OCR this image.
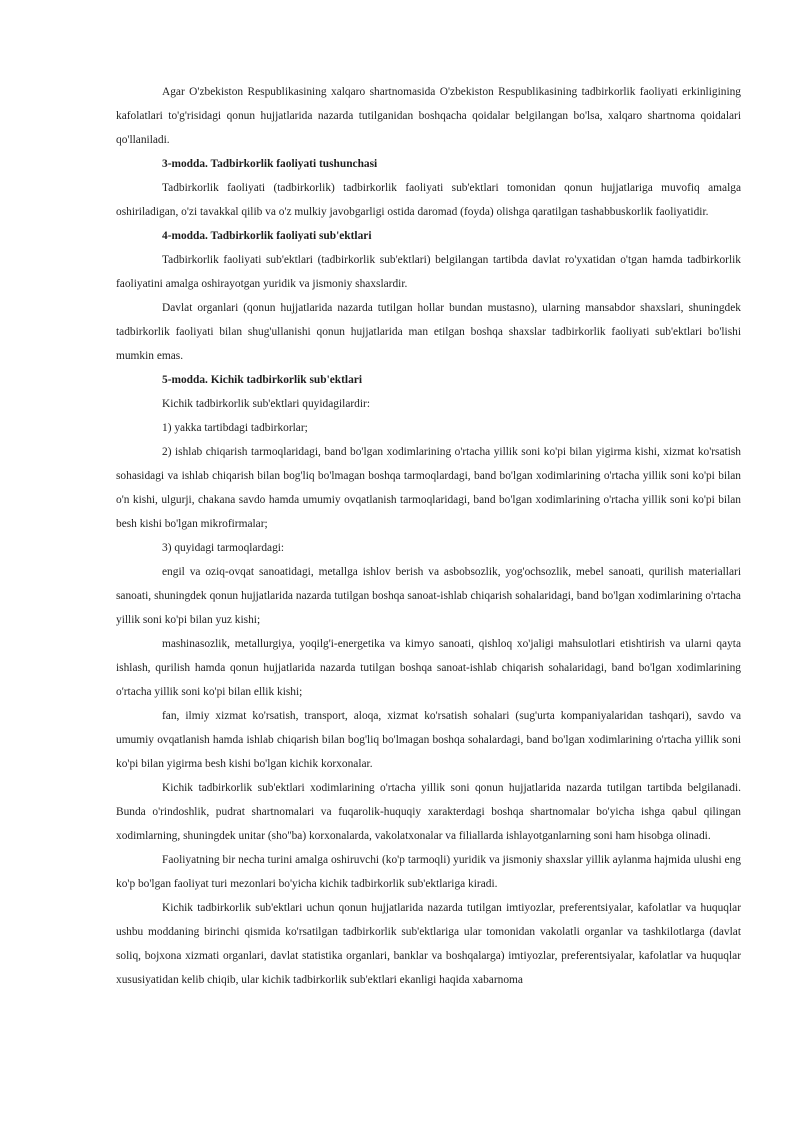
Agar O'zbekiston Respublikasining xalqaro shartnomasida O'zbekiston Respublikasining tadbirkorlik faoliyati erkinligining kafolatlari to'g'risidagi qonun hujjatlarida nazarda tutilganidan boshqacha qoidalar belgilangan bo'lsa, xalqaro shartnoma qoidalari qo'llaniladi.

3-modda. Tadbirkorlik faoliyati tushunchasi

Tadbirkorlik faoliyati (tadbirkorlik) tadbirkorlik faoliyati sub'ektlari tomonidan qonun hujjatlariga muvofiq amalga oshiriladigan, o'zi tavakkal qilib va o'z mulkiy javobgarligi ostida daromad (foyda) olishga qaratilgan tashabbuskorlik faoliyatidir.

4-modda. Tadbirkorlik faoliyati sub'ektlari

Tadbirkorlik faoliyati sub'ektlari (tadbirkorlik sub'ektlari) belgilangan tartibda davlat ro'yxatidan o'tgan hamda tadbirkorlik faoliyatini amalga oshirayotgan yuridik va jismoniy shaxslardir.

Davlat organlari (qonun hujjatlarida nazarda tutilgan hollar bundan mustasno), ularning mansabdor shaxslari, shuningdek tadbirkorlik faoliyati bilan shug'ullanishi qonun hujjatlarida man etilgan boshqa shaxslar tadbirkorlik faoliyati sub'ektlari bo'lishi mumkin emas.

5-modda. Kichik tadbirkorlik sub'ektlari

Kichik tadbirkorlik sub'ektlari quyidagilardir:

1) yakka tartibdagi tadbirkorlar;

2) ishlab chiqarish tarmoqlaridagi, band bo'lgan xodimlarining o'rtacha yillik soni ko'pi bilan yigirma kishi, xizmat ko'rsatish sohasidagi va ishlab chiqarish bilan bog'liq bo'lmagan boshqa tarmoqlardagi, band bo'lgan xodimlarining o'rtacha yillik soni ko'pi bilan o'n kishi, ulgurji, chakana savdo hamda umumiy ovqatlanish tarmoqlaridagi, band bo'lgan xodimlarining o'rtacha yillik soni ko'pi bilan besh kishi bo'lgan mikrofirmalar;

3) quyidagi tarmoqlardagi:

engil va oziq-ovqat sanoatidagi, metallga ishlov berish va asbobsozlik, yog'ochsozlik, mebel sanoati, qurilish materiallari sanoati, shuningdek qonun hujjatlarida nazarda tutilgan boshqa sanoat-ishlab chiqarish sohalaridagi, band bo'lgan xodimlarining o'rtacha yillik soni ko'pi bilan yuz kishi;

mashinasozlik, metallurgiya, yoqilg'i-energetika va kimyo sanoati, qishloq xo'jaligi mahsulotlari etishtirish va ularni qayta ishlash, qurilish hamda qonun hujjatlarida nazarda tutilgan boshqa sanoat-ishlab chiqarish sohalaridagi, band bo'lgan xodimlarining o'rtacha yillik soni ko'pi bilan ellik kishi;

fan, ilmiy xizmat ko'rsatish, transport, aloqa, xizmat ko'rsatish sohalari (sug'urta kompaniyalaridan tashqari), savdo va umumiy ovqatlanish hamda ishlab chiqarish bilan bog'liq bo'lmagan boshqa sohalardagi, band bo'lgan xodimlarining o'rtacha yillik soni ko'pi bilan yigirma besh kishi bo'lgan kichik korxonalar.

Kichik tadbirkorlik sub'ektlari xodimlarining o'rtacha yillik soni qonun hujjatlarida nazarda tutilgan tartibda belgilanadi. Bunda o'rindoshlik, pudrat shartnomalari va fuqarolik-huquqiy xarakterdagi boshqa shartnomalar bo'yicha ishga qabul qilingan xodimlarning, shuningdek unitar (sho''ba) korxonalarda, vakolatxonalar va filiallarda ishlayotganlarning soni ham hisobga olinadi.

Faoliyatning bir necha turini amalga oshiruvchi (ko'p tarmoqli) yuridik va jismoniy shaxslar yillik aylanma hajmida ulushi eng ko'p bo'lgan faoliyat turi mezonlari bo'yicha kichik tadbirkorlik sub'ektlariga kiradi.

Kichik tadbirkorlik sub'ektlari uchun qonun hujjatlarida nazarda tutilgan imtiyozlar, preferentsiyalar, kafolatlar va huquqlar ushbu moddaning birinchi qismida ko'rsatilgan tadbirkorlik sub'ektlariga ular tomonidan vakolatli organlar va tashkilotlarga (davlat soliq, bojxona xizmati organlari, davlat statistika organlari, banklar va boshqalarga) imtiyozlar, preferentsiyalar, kafolatlar va huquqlar xususiyatidan kelib chiqib, ular kichik tadbirkorlik sub'ektlari ekanligi haqida xabarnoma
